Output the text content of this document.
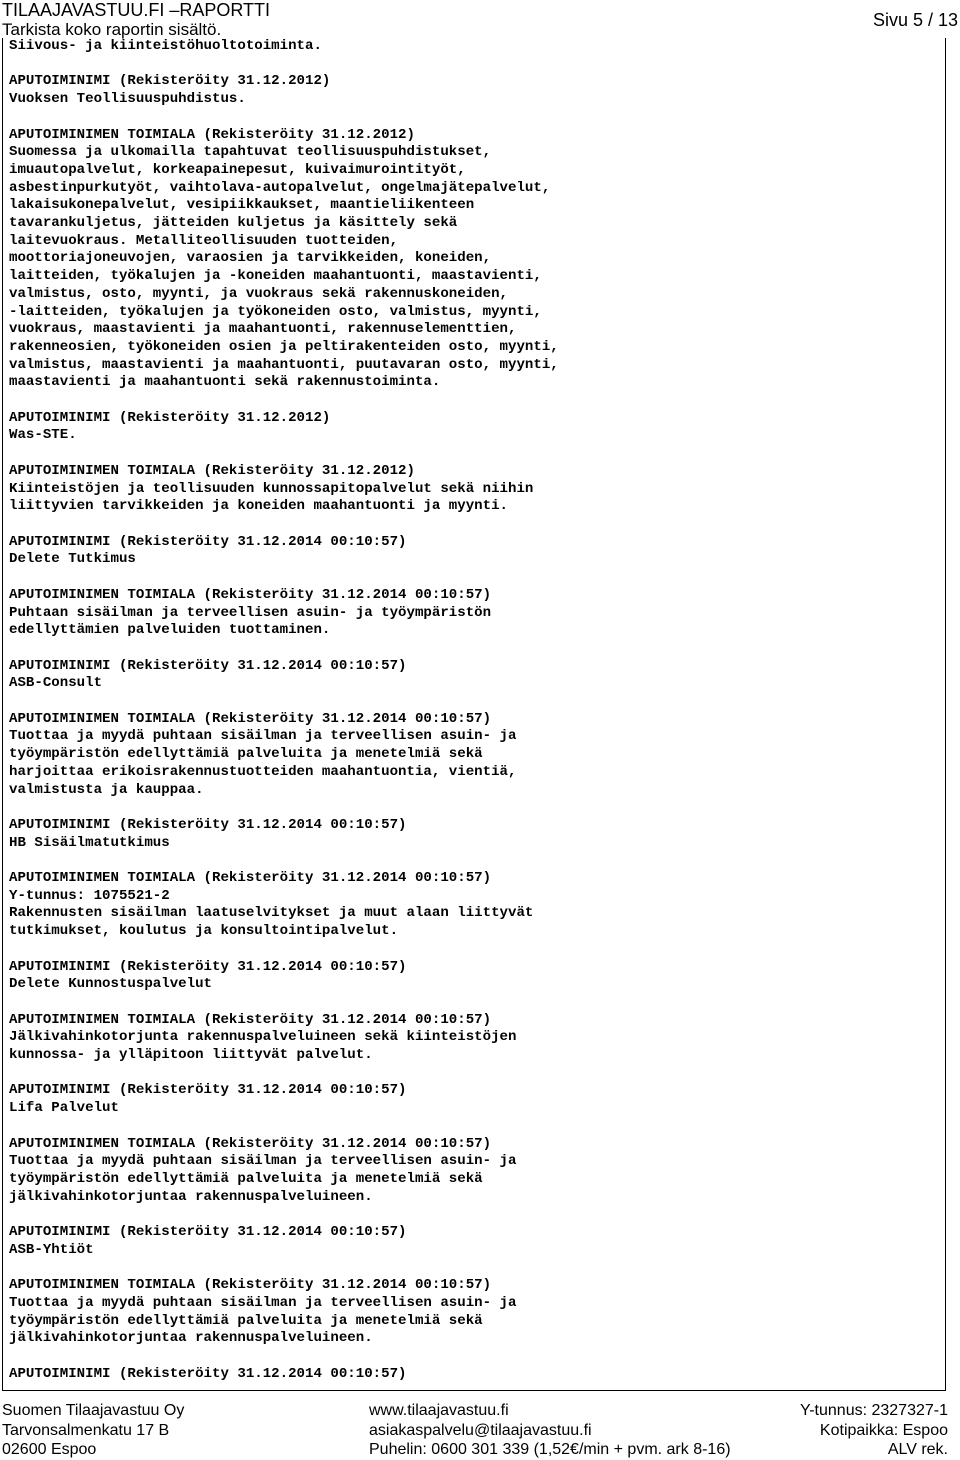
TILAAJAVASTUU.FI –RAPORTTI
Tarkista koko raportin sisältö.	Sivu 5 / 13
Siivous- ja kiinteistöhuoltotoiminta.

APUTOIMINIMI (Rekisteröity 31.12.2012)
Vuoksen Teollisuuspuhdistus.

APUTOIMINIMEN TOIMIALA (Rekisteröity 31.12.2012)
Suomessa ja ulkomailla tapahtuvat teollisuuspuhdistukset,
imuautopalvelut, korkeapainepesut, kuivaimurointityöt,
asbestinpurkutyöt, vaihtolava-autopalvelut, ongelmajätepalvelut,
lakaisukonepalvelut, vesipiikkaukset, maantieliikenteen
tavarankuljetus, jätteiden kuljetus ja käsittely sekä
laitevuokraus. Metalliteollisuuden tuotteiden,
moottoriajoneuvojen, varaosien ja tarvikkeiden, koneiden,
laitteiden, työkalujen ja -koneiden maahantuonti, maastavienti,
valmistus, osto, myynti, ja vuokraus sekä rakennuskoneiden,
-laitteiden, työkalujen ja työkoneiden osto, valmistus, myynti,
vuokraus, maastavienti ja maahantuonti, rakennuselementtien,
rakenneosien, työkoneiden osien ja peltirakenteiden osto, myynti,
valmistus, maastavienti ja maahantuonti, puutavaran osto, myynti,
maastavienti ja maahantuonti sekä rakennustoiminta.

APUTOIMINIMI (Rekisteröity 31.12.2012)
Was-STE.

APUTOIMINIMEN TOIMIALA (Rekisteröity 31.12.2012)
Kiinteistöjen ja teollisuuden kunnossapitopalvelut sekä niihin
liittyvien tarvikkeiden ja koneiden maahantuonti ja myynti.

APUTOIMINIMI (Rekisteröity 31.12.2014 00:10:57)
Delete Tutkimus

APUTOIMINIMEN TOIMIALA (Rekisteröity 31.12.2014 00:10:57)
Puhtaan sisäilman ja terveellisen asuin- ja työympäristön
edellyttämien palveluiden tuottaminen.

APUTOIMINIMI (Rekisteröity 31.12.2014 00:10:57)
ASB-Consult

APUTOIMINIMEN TOIMIALA (Rekisteröity 31.12.2014 00:10:57)
Tuottaa ja myydä puhtaan sisäilman ja terveellisen asuin- ja
työympäristön edellyttämiä palveluita ja menetelmiä sekä
harjoittaa erikoisrakennustuotteiden maahantuontia, vientiä,
valmistusta ja kauppaa.

APUTOIMINIMI (Rekisteröity 31.12.2014 00:10:57)
HB Sisäilmatutkimus

APUTOIMINIMEN TOIMIALA (Rekisteröity 31.12.2014 00:10:57)
Y-tunnus: 1075521-2
Rakennusten sisäilman laatuselvitykset ja muut alaan liittyvät
tutkimukset, koulutus ja konsultointipalvelut.

APUTOIMINIMI (Rekisteröity 31.12.2014 00:10:57)
Delete Kunnostuspalvelut

APUTOIMINIMEN TOIMIALA (Rekisteröity 31.12.2014 00:10:57)
Jälkivahinkotorjunta rakennuspalveluineen sekä kiinteistöjen
kunnossa- ja ylläpitoon liittyvät palvelut.

APUTOIMINIMI (Rekisteröity 31.12.2014 00:10:57)
Lifa Palvelut

APUTOIMINIMEN TOIMIALA (Rekisteröity 31.12.2014 00:10:57)
Tuottaa ja myydä puhtaan sisäilman ja terveellisen asuin- ja
työympäristön edellyttämiä palveluita ja menetelmiä sekä
jälkivahinkotorjuntaa rakennuspalveluineen.

APUTOIMINIMI (Rekisteröity 31.12.2014 00:10:57)
ASB-Yhtiöt

APUTOIMINIMEN TOIMIALA (Rekisteröity 31.12.2014 00:10:57)
Tuottaa ja myydä puhtaan sisäilman ja terveellisen asuin- ja
työympäristön edellyttämiä palveluita ja menetelmiä sekä
jälkivahinkotorjuntaa rakennuspalveluineen.

APUTOIMINIMI (Rekisteröity 31.12.2014 00:10:57)
Suomen Tilaajavastuu Oy
Tarvonsalmenkatu 17 B
02600 Espoo
www.tilaajavastuu.fi
asiakaspalvelu@tilaajavastuu.fi
Puhelin: 0600 301 339 (1,52€/min + pvm. ark 8-16)
Y-tunnus: 2327327-1
Kotipaikka: Espoo
ALV rek.
